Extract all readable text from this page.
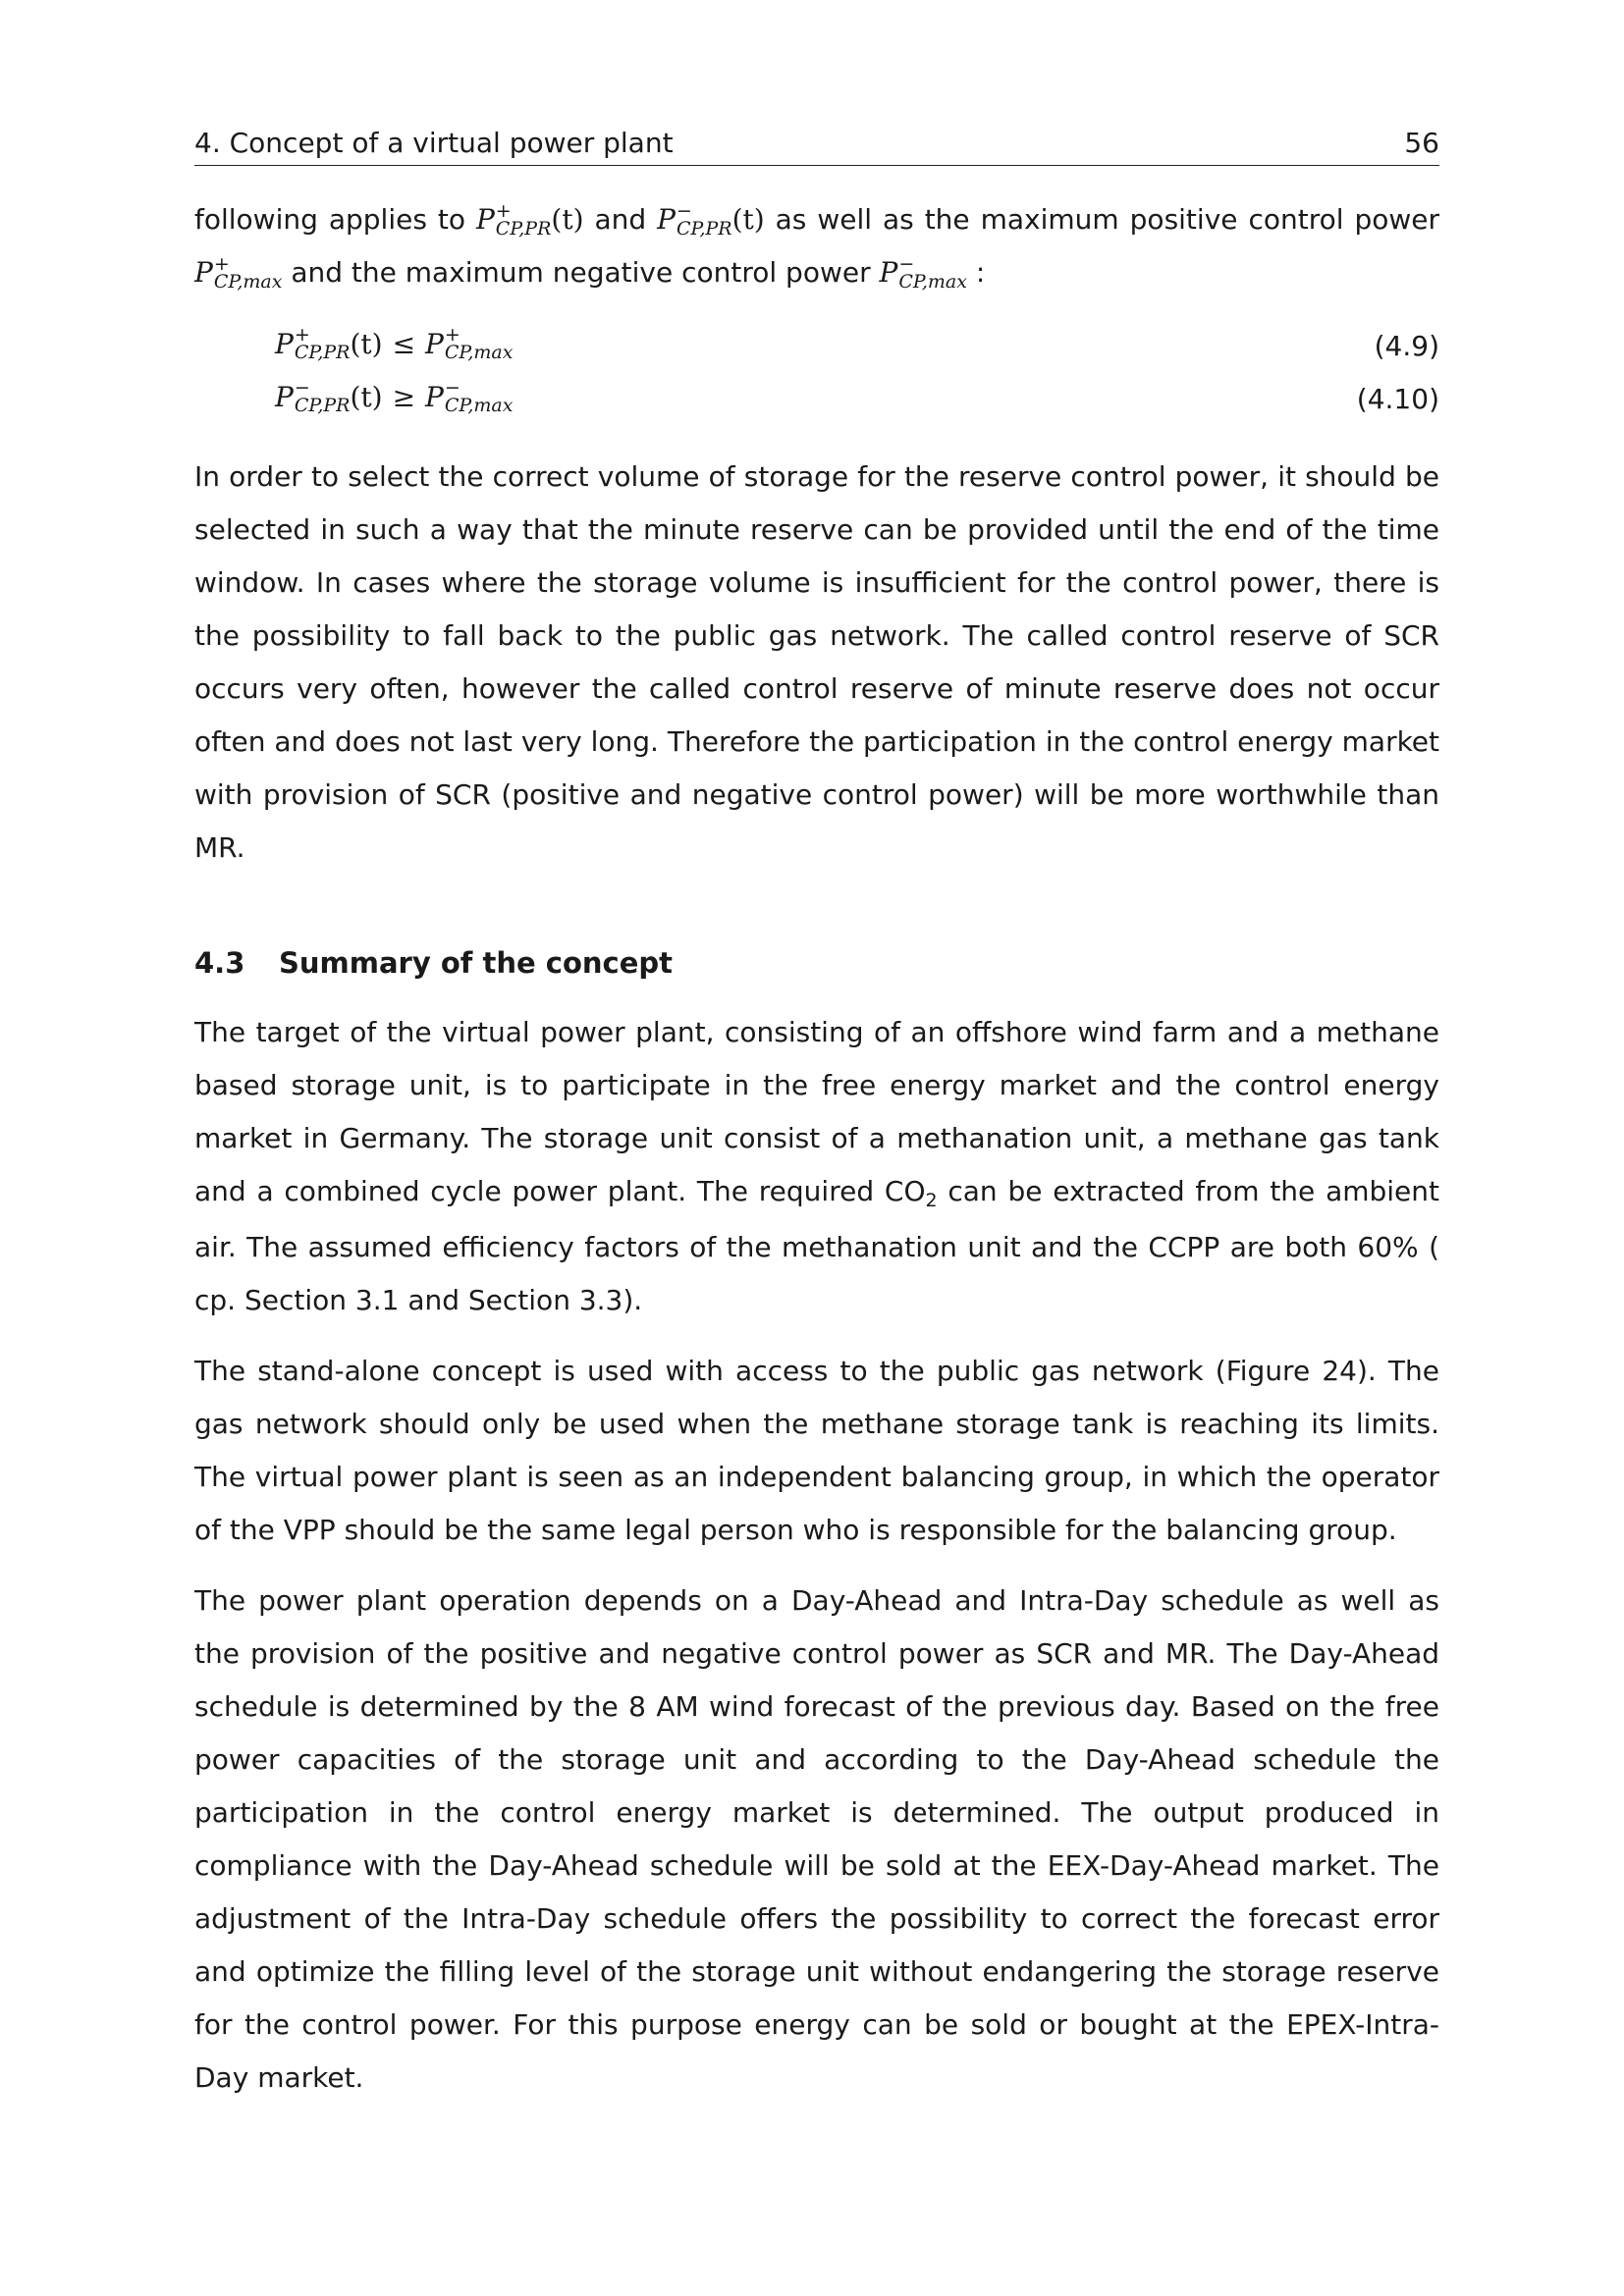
4. Concept of a virtual power plant	56

following applies to P +
CP,PR (t) and P −
CP,PR (t) as well as the maximum positive control power P +
CP,max and the maximum negative control power P −
CP,max :

P +
CP,PR (t) ≤ P +
CP,max	(4.9)
P −
CP,PR (t) ≥ P −
CP,max	(4.10)

In order to select the correct volume of storage for the reserve control power, it should be selected in such a way that the minute reserve can be provided until the end of the time window. In cases where the storage volume is insufficient for the control power, there is the possibility to fall back to the public gas network. The called control reserve of SCR occurs very often, however the called control reserve of minute reserve does not occur often and does not last very long. Therefore the participation in the control energy market with provision of SCR (positive and negative control power) will be more worthwhile than MR.

4.3	Summary of the concept

The target of the virtual power plant, consisting of an offshore wind farm and a methane based storage unit, is to participate in the free energy market and the control energy market in Germany. The storage unit consist of a methanation unit, a methane gas tank and a combined cycle power plant. The required $CO_2$ can be extracted from the ambient air. The assumed efficiency factors of the methanation unit and the CCPP are both 60% ( cp. Section 3.1 and Section 3.3).

The stand-alone concept is used with access to the public gas network (Figure 24). The gas network should only be used when the methane storage tank is reaching its limits. The virtual power plant is seen as an independent balancing group, in which the operator of the VPP should be the same legal person who is responsible for the balancing group.

The power plant operation depends on a Day-Ahead and Intra-Day schedule as well as the provision of the positive and negative control power as SCR and MR. The Day-Ahead schedule is determined by the 8 AM wind forecast of the previous day. Based on the free power capacities of the storage unit and according to the Day-Ahead schedule the participation in the control energy market is determined. The output produced in compliance with the Day-Ahead schedule will be sold at the EEX-Day-Ahead market. The adjustment of the Intra-Day schedule offers the possibility to correct the forecast error and optimize the filling level of the storage unit without endangering the storage reserve for the control power. For this purpose energy can be sold or bought at the EPEX-Intra-Day market.
